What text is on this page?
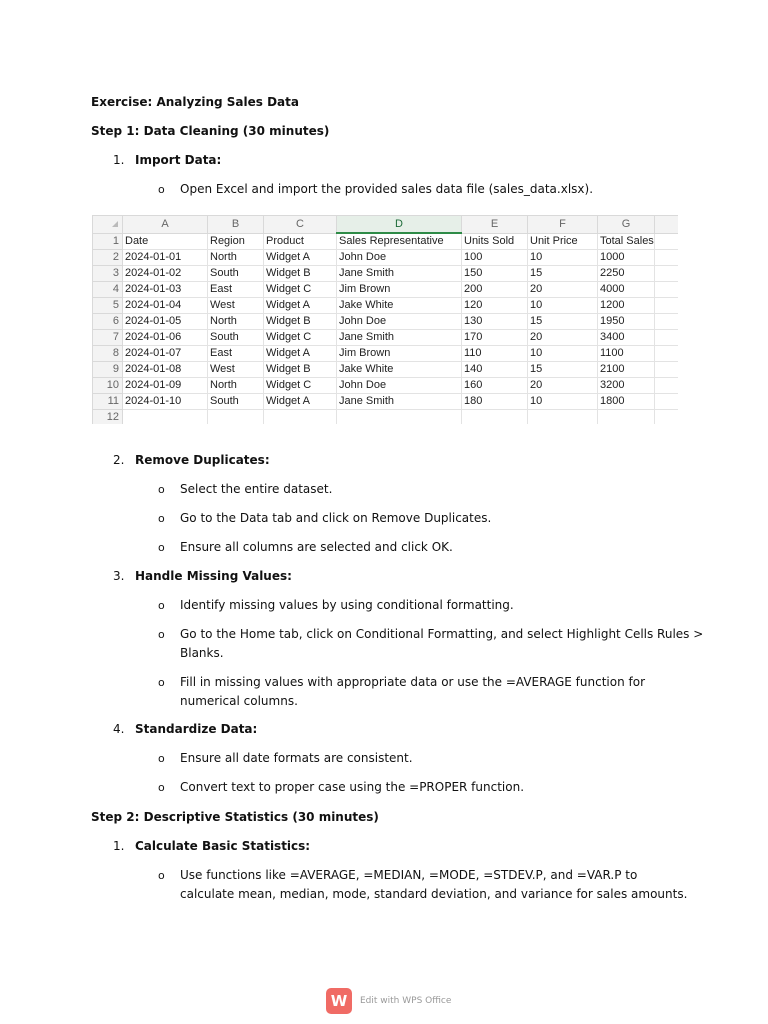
Exercise: Analyzing Sales Data
Step 1: Data Cleaning (30 minutes)
1. Import Data:
o Open Excel and import the provided sales data file (sales_data.xlsx).
	A	B	C	D	E	F	G	
1	Date	Region	Product	Sales Representative	Units Sold	Unit Price	Total Sales	
2	2024-01-01	North	Widget A	John Doe	100	10	1000	
3	2024-01-02	South	Widget B	Jane Smith	150	15	2250	
4	2024-01-03	East	Widget C	Jim Brown	200	20	4000	
5	2024-01-04	West	Widget A	Jake White	120	10	1200	
6	2024-01-05	North	Widget B	John Doe	130	15	1950	
7	2024-01-06	South	Widget C	Jane Smith	170	20	3400	
8	2024-01-07	East	Widget A	Jim Brown	110	10	1100	
9	2024-01-08	West	Widget B	Jake White	140	15	2100	
10	2024-01-09	North	Widget C	John Doe	160	20	3200	
11	2024-01-10	South	Widget A	Jane Smith	180	10	1800	
12								
2. Remove Duplicates:
o Select the entire dataset.
o Go to the Data tab and click on Remove Duplicates.
o Ensure all columns are selected and click OK.
3. Handle Missing Values:
o Identify missing values by using conditional formatting.
o Go to the Home tab, click on Conditional Formatting, and select Highlight Cells Rules >
Blanks.
o Fill in missing values with appropriate data or use the =AVERAGE function for
numerical columns.
4. Standardize Data:
o Ensure all date formats are consistent.
o Convert text to proper case using the =PROPER function.
Step 2: Descriptive Statistics (30 minutes)
1. Calculate Basic Statistics:
o Use functions like =AVERAGE, =MEDIAN, =MODE, =STDEV.P, and =VAR.P to
calculate mean, median, mode, standard deviation, and variance for sales amounts.
W	Edit with WPS Office
